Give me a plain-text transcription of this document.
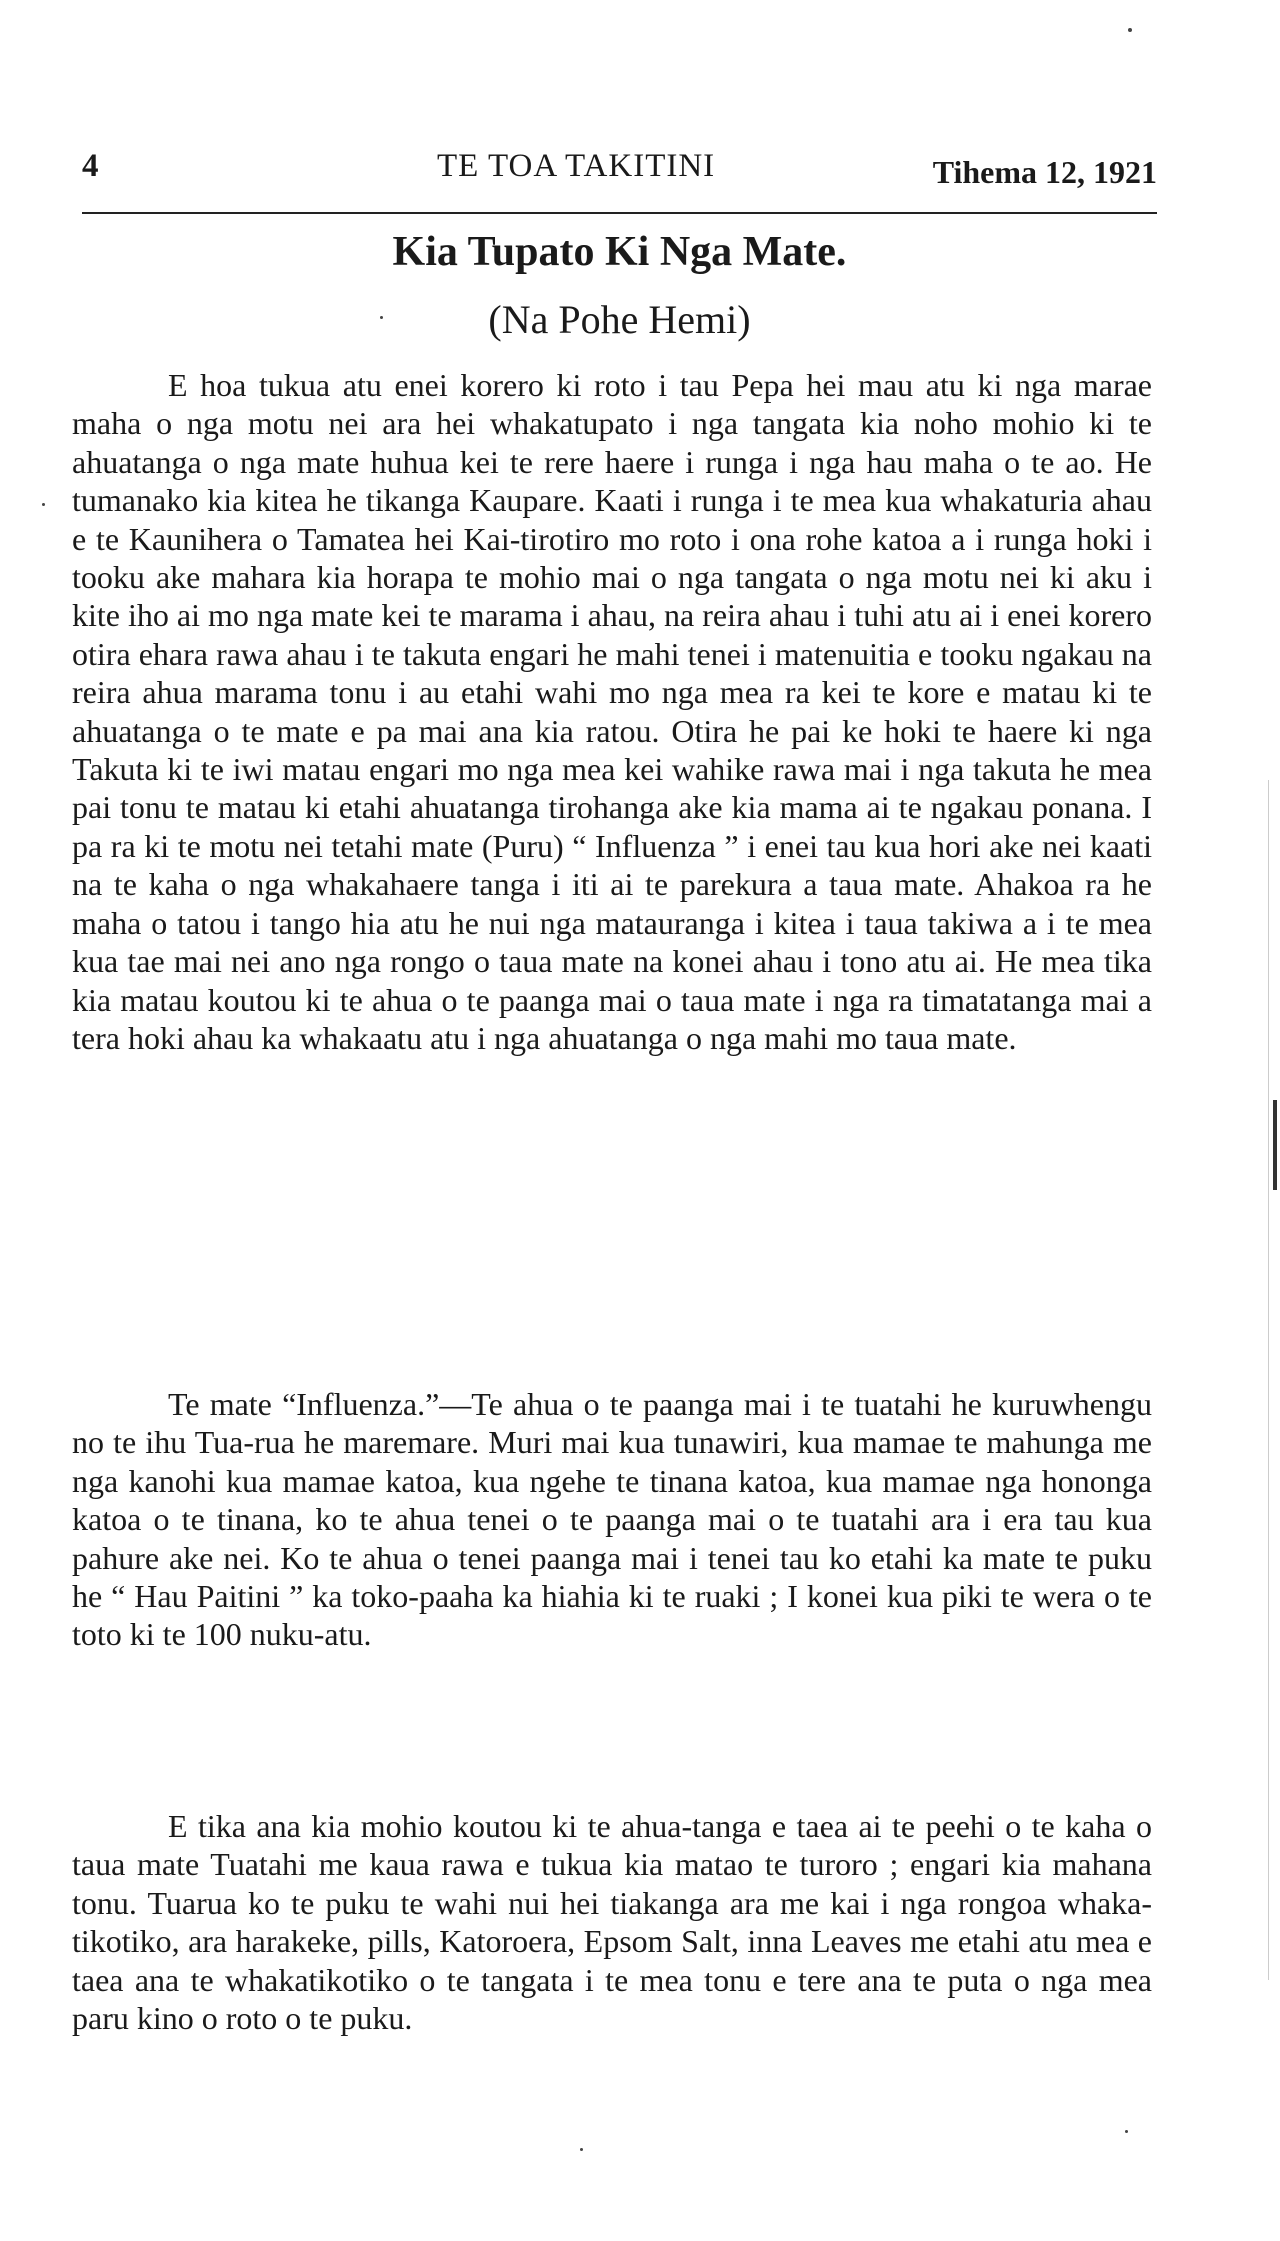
4	TE TOA TAKITINI	Tihema 12, 1921
Kia Tupato Ki Nga Mate.
(Na Pohe Hemi)

E hoa tukua atu enei korero ki roto i tau Pepa hei mau atu ki nga marae maha o nga motu nei ara hei whakatupato i nga tangata kia noho mohio ki te ahuatanga o nga mate huhua kei te rere haere i runga i nga hau maha o te ao. He tumanako kia kitea he tikanga Kaupare. Kaati i runga i te mea kua whakaturia ahau e te Kaunihera o Tamatea hei Kai-tirotiro mo roto i ona rohe katoa a i runga hoki i tooku ake mahara kia horapa te mohio mai o nga tangata o nga motu nei ki aku i kite iho ai mo nga mate kei te marama i ahau, na reira ahau i tuhi atu ai i enei korero otira ehara rawa ahau i te takuta engari he mahi tenei i matenuitia e tooku ngakau na reira ahua marama tonu i au etahi wahi mo nga mea ra kei te kore e matau ki te ahuatanga o te mate e pa mai ana kia ratou. Otira he pai ke hoki te haere ki nga Takuta ki te iwi matau engari mo nga mea kei wahike rawa mai i nga takuta he mea pai tonu te matau ki etahi ahuatanga tirohanga ake kia mama ai te ngakau ponana. I pa ra ki te motu nei tetahi mate (Puru) “ Influenza ” i enei tau kua hori ake nei kaati na te kaha o nga whakahaere tanga i iti ai te parekura a taua mate. Ahakoa ra he maha o tatou i tango hia atu he nui nga matauranga i kitea i taua takiwa a i te mea kua tae mai nei ano nga rongo o taua mate na konei ahau i tono atu ai. He mea tika kia matau koutou ki te ahua o te paanga mai o taua mate i nga ra timatatanga mai a tera hoki ahau ka whakaatu atu i nga ahuatanga o nga mahi mo taua mate.

Te mate “Influenza.”—Te ahua o te paanga mai i te tuatahi he kuruwhengu no te ihu Tua-rua he maremare. Muri mai kua tunawiri, kua mamae te mahunga me nga kanohi kua mamae katoa, kua ngehe te tinana katoa, kua mamae nga hononga katoa o te tinana, ko te ahua tenei o te paanga mai o te tuatahi ara i era tau kua pahure ake nei. Ko te ahua o tenei paanga mai i tenei tau ko etahi ka mate te puku he “ Hau Paitini ” ka toko-paaha ka hiahia ki te ruaki ; I konei kua piki te wera o te toto ki te 100 nuku-atu.

E tika ana kia mohio koutou ki te ahua-tanga e taea ai te peehi o te kaha o taua mate Tuatahi me kaua rawa e tukua kia matao te turoro ; engari kia mahana tonu. Tuarua ko te puku te wahi nui hei tiakanga ara me kai i nga rongoa whaka-tikotiko, ara harakeke, pills, Katoroera, Epsom Salt, inna Leaves me etahi atu mea e taea ana te whakatikotiko o te tangata i te mea tonu e tere ana te puta o nga mea paru kino o roto o te puku.
